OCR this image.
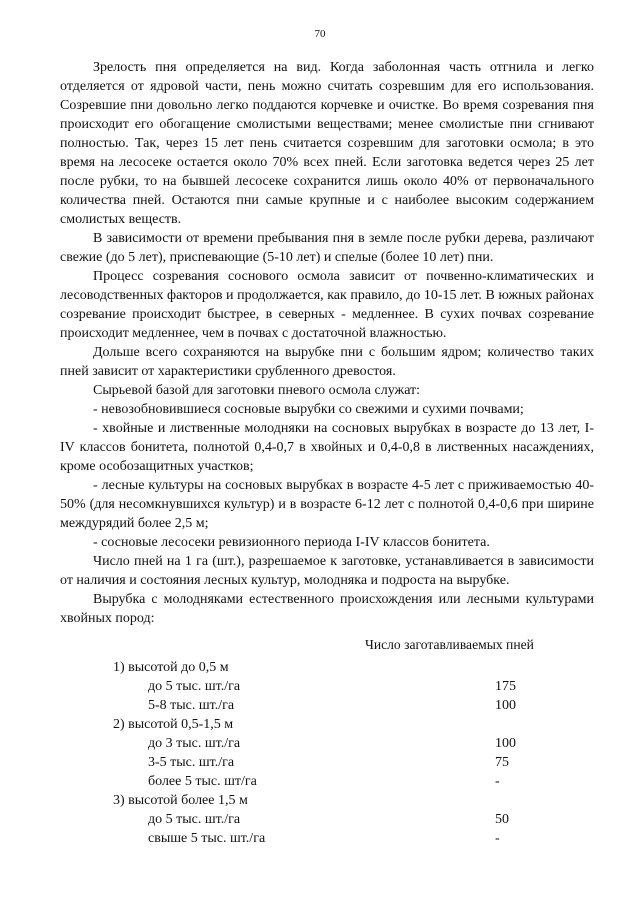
70

Зрелость пня определяется на вид. Когда заболонная часть отгнила и легко отделяется от ядровой части, пень можно считать созревшим для его использования. Созревшие пни довольно легко поддаются корчевке и очистке. Во время созревания пня происходит его обогащение смолистыми веществами; менее смолистые пни сгнивают полностью. Так, через 15 лет пень считается созревшим для заготовки осмола; в это время на лесосеке остается около 70% всех пней. Если заготовка ведется через 25 лет после рубки, то на бывшей лесосеке сохранится лишь около 40% от первоначального количества пней. Остаются пни самые крупные и с наиболее высоким содержанием смолистых веществ.

В зависимости от времени пребывания пня в земле после рубки дерева, различают свежие (до 5 лет), приспевающие (5-10 лет) и спелые (более 10 лет) пни.

Процесс созревания соснового осмола зависит от почвенно-климатических и лесоводственных факторов и продолжается, как правило, до 10-15 лет. В южных районах созревание происходит быстрее, в северных - медленнее. В сухих почвах созревание происходит медленнее, чем в почвах с достаточной влажностью.

Дольше всего сохраняются на вырубке пни с большим ядром; количество таких пней зависит от характеристики срубленного древостоя.

Сырьевой базой для заготовки пневого осмола служат:

- невозобновившиеся сосновые вырубки со свежими и сухими почвами;

- хвойные и лиственные молодняки на сосновых вырубках в возрасте до 13 лет, I-IV классов бонитета, полнотой 0,4-0,7 в хвойных и 0,4-0,8 в лиственных насаждениях, кроме особозащитных участков;

- лесные культуры на сосновых вырубках в возрасте 4-5 лет с приживаемостью 40-50% (для несомкнувшихся культур) и в возрасте 6-12 лет с полнотой 0,4-0,6 при ширине междурядий более 2,5 м;

- сосновые лесосеки ревизионного периода I-IV классов бонитета.

Число пней на 1 га (шт.), разрешаемое к заготовке, устанавливается в зависимости от наличия и состояния лесных культур, молодняка и подроста на вырубке.

Вырубка с молодняками естественного происхождения или лесными культурами хвойных пород:

Число заготавливаемых пней

1) высотой до 0,5 м
до 5 тыс. шт./га	175
5-8 тыс. шт./га	100
2) высотой 0,5-1,5 м
до 3 тыс. шт./га	100
3-5 тыс. шт./га	75
более 5 тыс. шт/га	-
3) высотой более 1,5 м
до 5 тыс. шт./га	50
свыше 5 тыс. шт./га	-
